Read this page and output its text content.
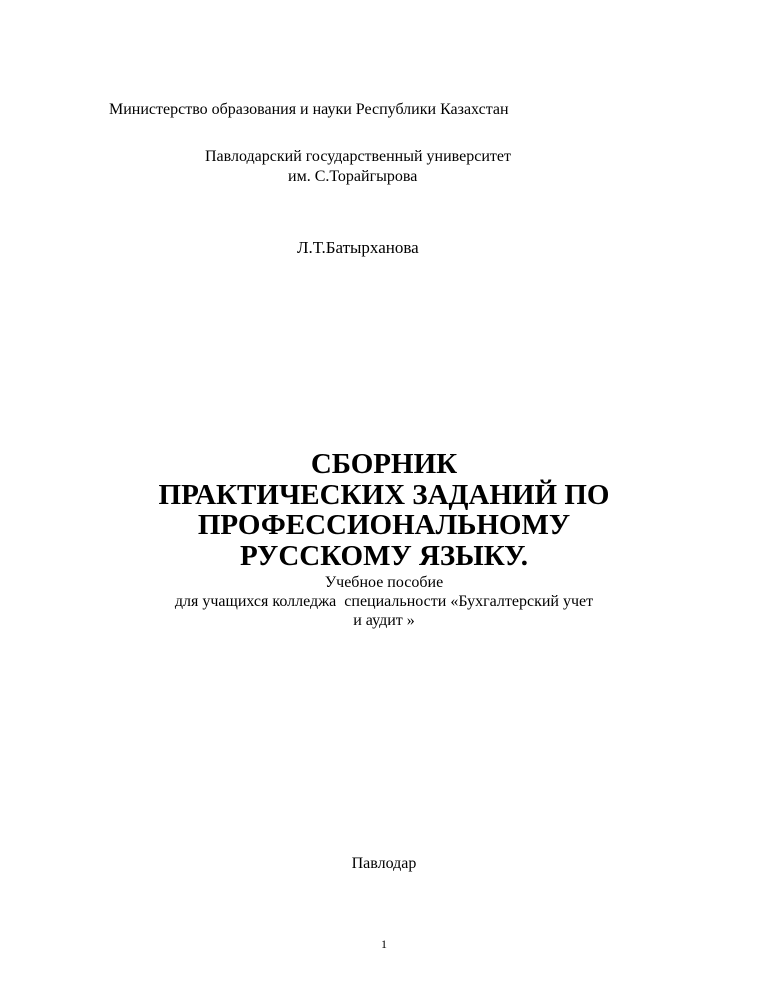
Министерство образования и науки Республики Казахстан
Павлодарский государственный университет
им. С.Торайгырова
Л.Т.Батырханова
СБОРНИК
ПРАКТИЧЕСКИХ ЗАДАНИЙ ПО
ПРОФЕССИОНАЛЬНОМУ
РУССКОМУ ЯЗЫКУ.
Учебное пособие
для учащихся колледжа  специальности «Бухгалтерский учет
и аудит »
Павлодар
1
